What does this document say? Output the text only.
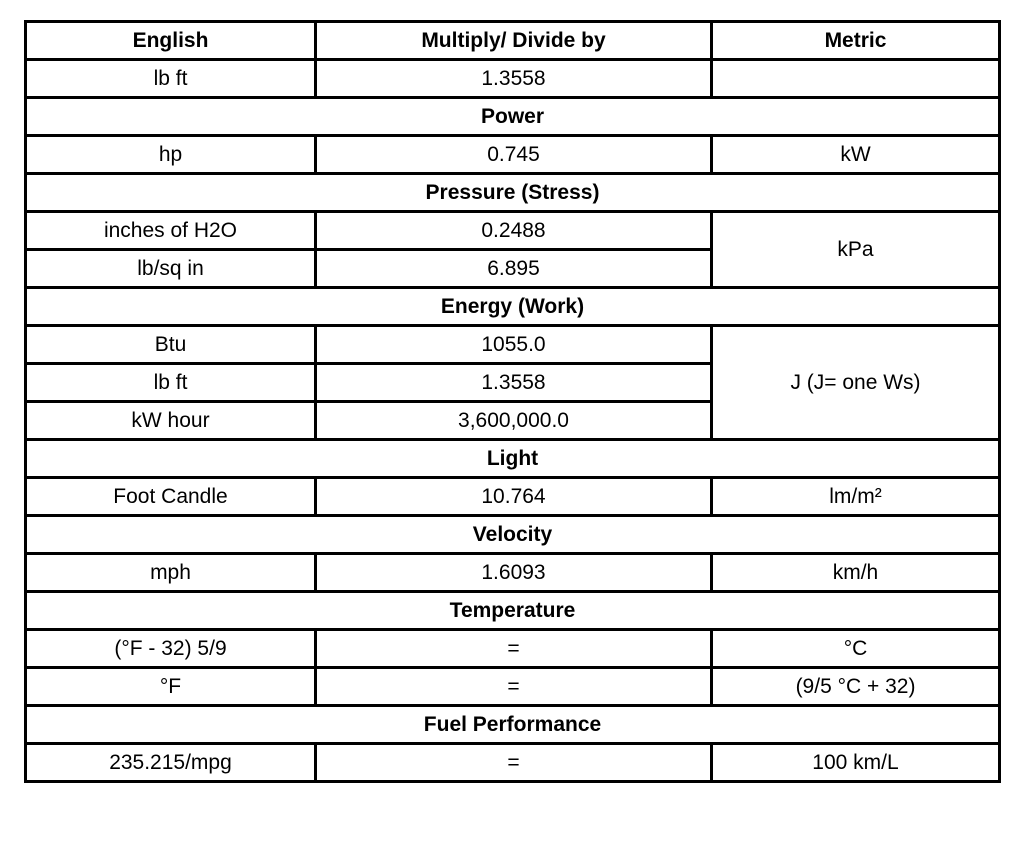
English	Multiply/ Divide by	Metric
lb ft	1.3558	
Power		
hp	0.745	kW
Pressure (Stress)		
inches of H2O	0.2488	kPa
lb/sq in	6.895	
Energy (Work)		
Btu	1055.0	J (J= one Ws)
lb ft	1.3558	
kW hour	3,600,000.0	
Light		
Foot Candle	10.764	lm/m²
Velocity		
mph	1.6093	km/h
Temperature		
(°F - 32) 5/9	=	°C
°F	=	(9/5 °C + 32)
Fuel Performance		
235.215/mpg	=	100 km/L
